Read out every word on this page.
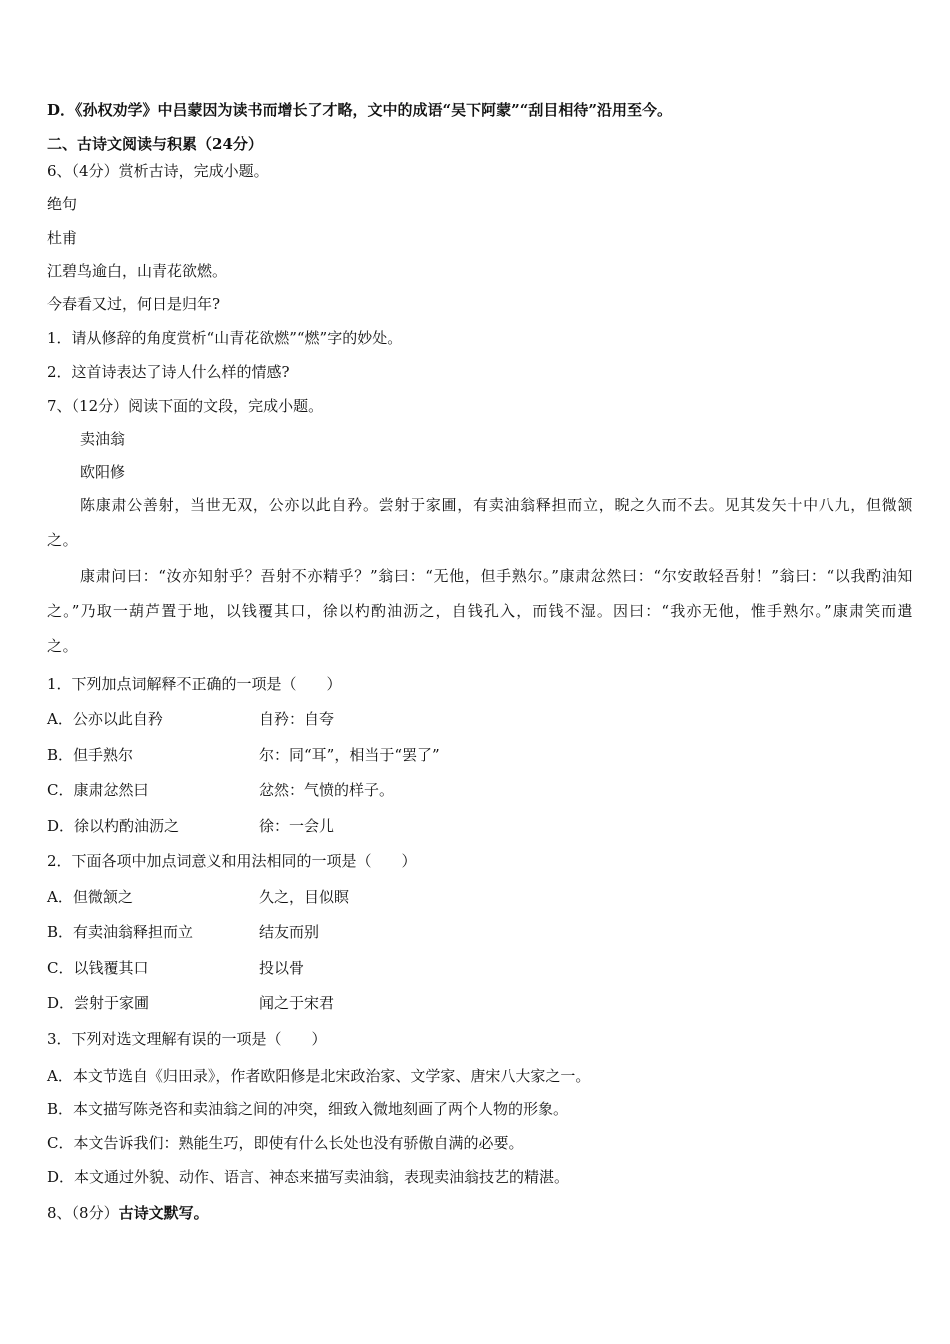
D．《孙权劝学》中吕蒙因为读书而增长了才略，文中的成语“吴下阿蒙”“刮目相待”沿用至今。
二、古诗文阅读与积累（24分）
6、（4分）赏析古诗，完成小题。
绝句
杜甫
江碧鸟逾白，山青花欲燃。
今春看又过，何日是归年?
1．请从修辞的角度赏析“山青花欲燃”“燃”字的妙处。
2．这首诗表达了诗人什么样的情感?
7、（12分）阅读下面的文段，完成小题。
卖油翁
欧阳修
陈康肃公善射，当世无双，公亦以此自矜。尝射于家圃，有卖油翁释担而立，睨之久而不去。见其发矢十中八九，但微颔之。
康肃问曰：“汝亦知射乎？吾射不亦精乎？”翁曰：“无他，但手熟尔。”康肃忿然曰：“尔安敢轻吾射！”翁曰：“以我酌油知之。”乃取一葫芦置于地，以钱覆其口，徐以杓酌油沥之，自钱孔入，而钱不湿。因曰：“我亦无他，惟手熟尔。”康肃笑而遣之。
1．下列加点词解释不正确的一项是（　　）
A．公亦以此自矜	自矜：自夸
B．但手熟尔	尔：同“耳”，相当于“罢了”
C．康肃忿然曰	忿然：气愤的样子。
D．徐以杓酌油沥之	徐：一会儿
2．下面各项中加点词意义和用法相同的一项是（　　）
A．但微颔之	久之，目似瞑
B．有卖油翁释担而立	结友而别
C．以钱覆其口	投以骨
D．尝射于家圃	闻之于宋君
3．下列对选文理解有误的一项是（　　）
A．本文节选自《归田录》，作者欧阳修是北宋政治家、文学家、唐宋八大家之一。
B．本文描写陈尧咨和卖油翁之间的冲突，细致入微地刻画了两个人物的形象。
C．本文告诉我们：熟能生巧，即使有什么长处也没有骄傲自满的必要。
D．本文通过外貌、动作、语言、神态来描写卖油翁，表现卖油翁技艺的精湛。
8、（8分）古诗文默写。
